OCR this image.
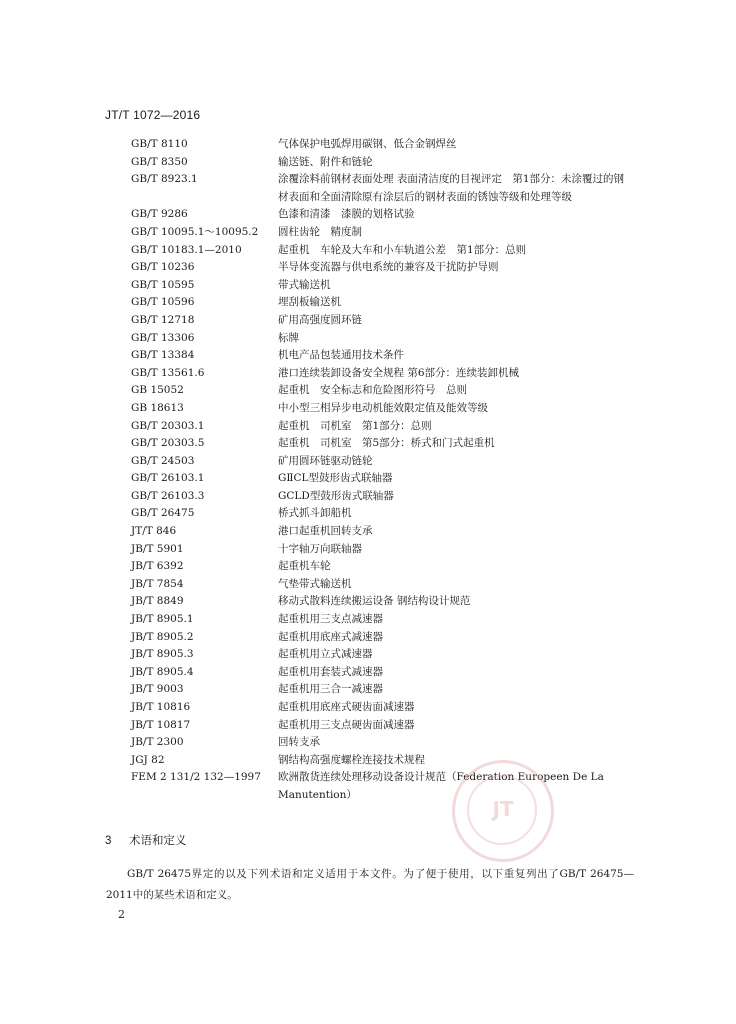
JT/T 1072—2016
GB/T 8110	气体保护电弧焊用碳钢、低合金钢焊丝
GB/T 8350	输送链、附件和链轮
GB/T 8923.1	涂覆涂料前钢材表面处理 表面清洁度的目视评定　第1部分：未涂覆过的钢材表面和全面清除原有涂层后的钢材表面的锈蚀等级和处理等级
GB/T 9286	色漆和清漆　漆膜的划格试验
GB/T 10095.1～10095.2 圆柱齿轮　精度制
GB/T 10183.1—2010	起重机　车轮及大车和小车轨道公差　第1部分：总则
GB/T 10236	半导体变流器与供电系统的兼容及干扰防护导则
GB/T 10595	带式输送机
GB/T 10596	埋刮板输送机
GB/T 12718	矿用高强度圆环链
GB/T 13306	标牌
GB/T 13384	机电产品包装通用技术条件
GB/T 13561.6	港口连续装卸设备安全规程 第6部分：连续装卸机械
GB 15052	起重机　安全标志和危险图形符号　总则
GB 18613	中小型三相异步电动机能效限定值及能效等级
GB/T 20303.1	起重机　司机室　第1部分：总则
GB/T 20303.5	起重机　司机室　第5部分：桥式和门式起重机
GB/T 24503	矿用圆环链驱动链轮
GB/T 26103.1	GⅡCL型鼓形齿式联轴器
GB/T 26103.3	GCLD型鼓形齿式联轴器
GB/T 26475	桥式抓斗卸船机
JT/T 846	港口起重机回转支承
JB/T 5901	十字轴万向联轴器
JB/T 6392	起重机车轮
JB/T 7854	气垫带式输送机
JB/T 8849	移动式散料连续搬运设备 钢结构设计规范
JB/T 8905.1	起重机用三支点减速器
JB/T 8905.2	起重机用底座式减速器
JB/T 8905.3	起重机用立式减速器
JB/T 8905.4	起重机用套装式减速器
JB/T 9003	起重机用三合一减速器
JB/T 10816	起重机用底座式硬齿面减速器
JB/T 10817	起重机用三支点硬齿面减速器
JB/T 2300	回转支承
JGJ 82	钢结构高强度螺栓连接技术规程
FEM 2 131/2 132—1997 欧洲散货连续处理移动设备设计规范（Federation Europeen De La Manutention）
JT
3 术语和定义
GB/T 26475界定的以及下列术语和定义适用于本文件。为了便于使用，以下重复列出了GB/T 26475—2011中的某些术语和定义。
2
